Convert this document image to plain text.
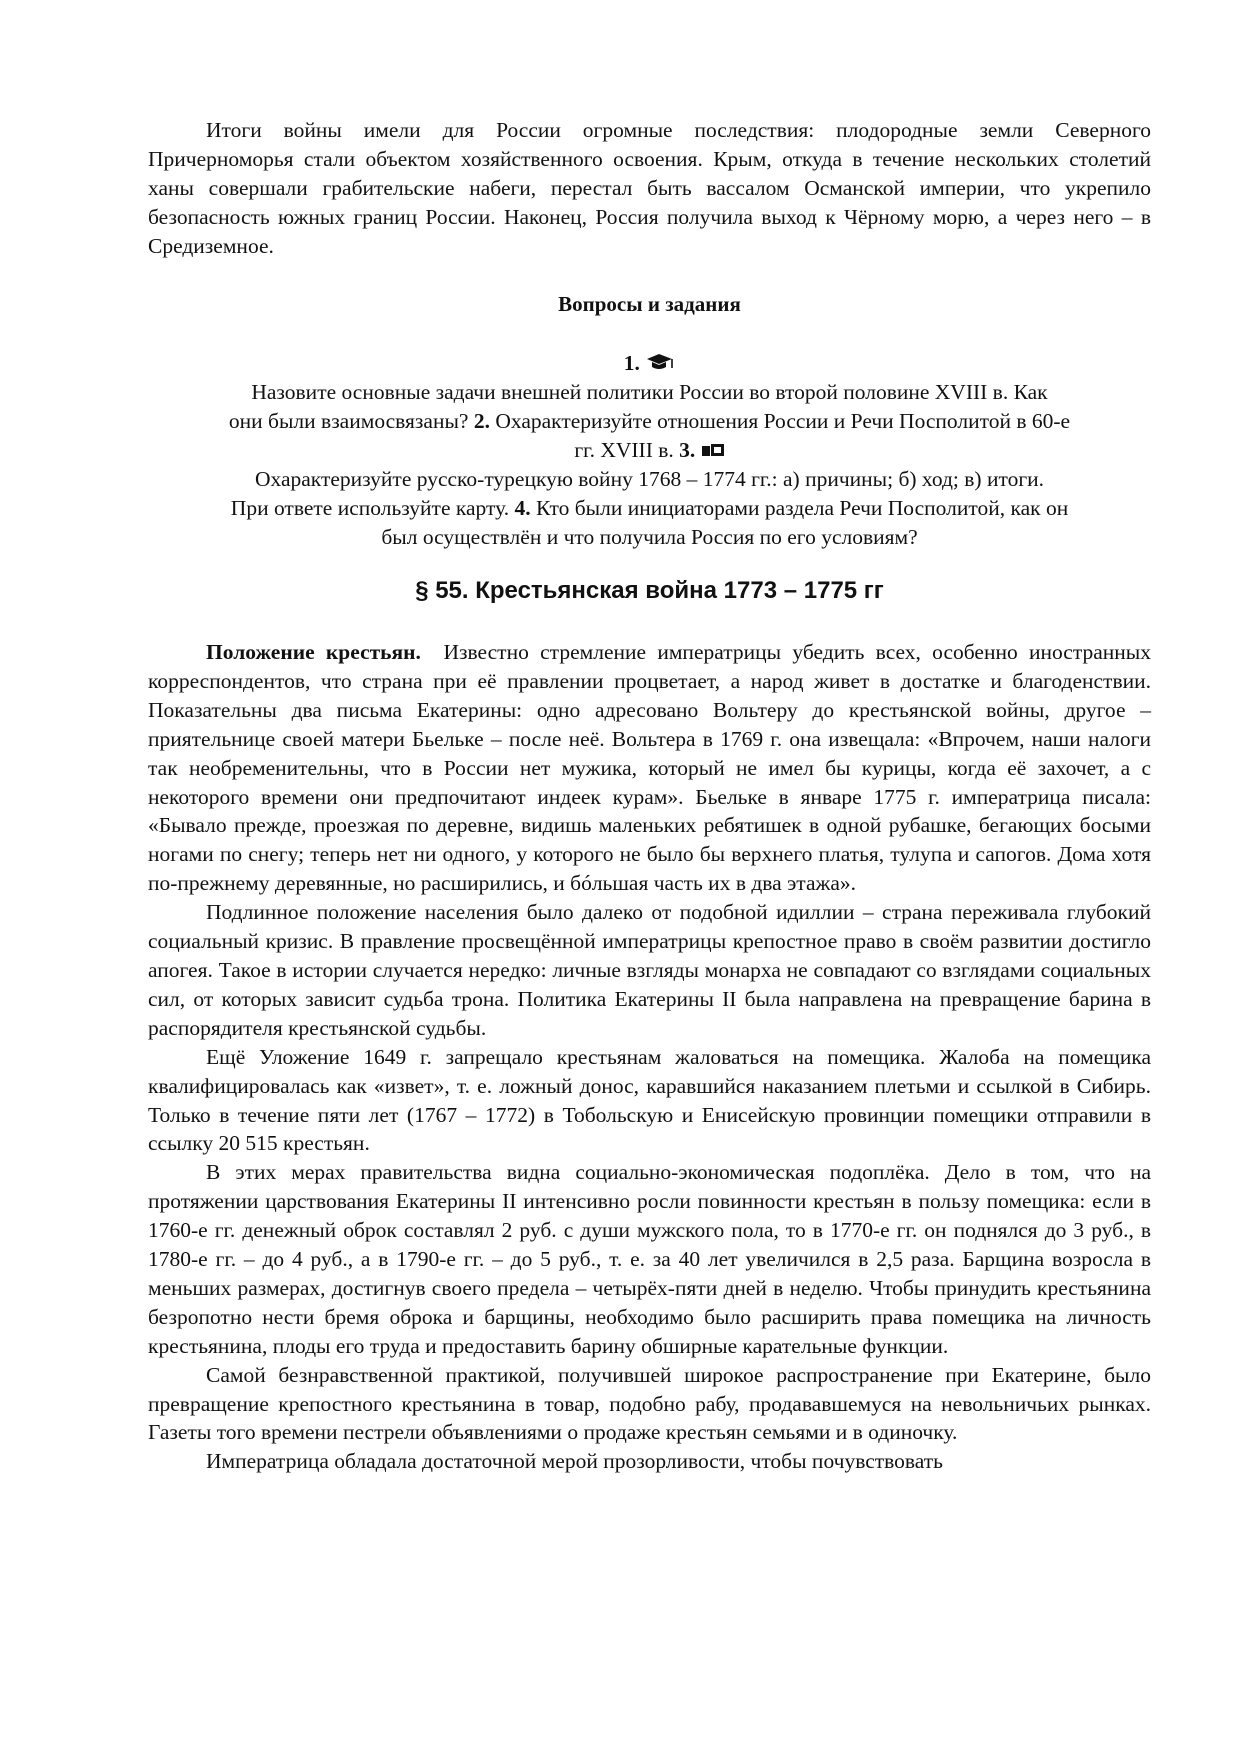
Итоги войны имели для России огромные последствия: плодородные земли Северного Причерноморья стали объектом хозяйственного освоения. Крым, откуда в течение нескольких столетий ханы совершали грабительские набеги, перестал быть вассалом Османской империи, что укрепило безопасность южных границ России. Наконец, Россия получила выход к Чёрному морю, а через него – в Средиземное.

Вопросы и задания
1.
Назовите основные задачи внешней политики России во второй половине XVIII в. Как
они были взаимосвязаны? 2. Охарактеризуйте отношения России и Речи Посполитой в 60-е
гг. XVIII в. 3.
Охарактеризуйте русско-турецкую войну 1768 – 1774 гг.: а) причины; б) ход; в) итоги.
При ответе используйте карту. 4. Кто были инициаторами раздела Речи Посполитой, как он
был осуществлён и что получила Россия по его условиям?
§ 55. Крестьянская война 1773 – 1775 гг

Положение крестьян. Известно стремление императрицы убедить всех, особенно иностранных корреспондентов, что страна при её правлении процветает, а народ живет в достатке и благоденствии. Показательны два письма Екатерины: одно адресовано Вольтеру до крестьянской войны, другое – приятельнице своей матери Бьельке – после неё. Вольтера в 1769 г. она извещала: «Впрочем, наши налоги так необременительны, что в России нет мужика, который не имел бы курицы, когда её захочет, а с некоторого времени они предпочитают индеек курам». Бьельке в январе 1775 г. императрица писала: «Бывало прежде, проезжая по деревне, видишь маленьких ребятишек в одной рубашке, бегающих босыми ногами по снегу; теперь нет ни одного, у которого не было бы верхнего платья, тулупа и сапогов. Дома хотя по-прежнему деревянные, но расширились, и бóльшая часть их в два этажа».

Подлинное положение населения было далеко от подобной идиллии – страна переживала глубокий социальный кризис. В правление просвещённой императрицы крепостное право в своём развитии достигло апогея. Такое в истории случается нередко: личные взгляды монарха не совпадают со взглядами социальных сил, от которых зависит судьба трона. Политика Екатерины II была направлена на превращение барина в распорядителя крестьянской судьбы.

Ещё Уложение 1649 г. запрещало крестьянам жаловаться на помещика. Жалоба на помещика квалифицировалась как «извет», т. е. ложный донос, каравшийся наказанием плетьми и ссылкой в Сибирь. Только в течение пяти лет (1767 – 1772) в Тобольскую и Енисейскую провинции помещики отправили в ссылку 20 515 крестьян.

В этих мерах правительства видна социально-экономическая подоплёка. Дело в том, что на протяжении царствования Екатерины II интенсивно росли повинности крестьян в пользу помещика: если в 1760-е гг. денежный оброк составлял 2 руб. с души мужского пола, то в 1770-е гг. он поднялся до 3 руб., в 1780-е гг. – до 4 руб., а в 1790-е гг. – до 5 руб., т. е. за 40 лет увеличился в 2,5 раза. Барщина возросла в меньших размерах, достигнув своего предела – четырёх-пяти дней в неделю. Чтобы принудить крестьянина безропотно нести бремя оброка и барщины, необходимо было расширить права помещика на личность крестьянина, плоды его труда и предоставить барину обширные карательные функции.

Самой безнравственной практикой, получившей широкое распространение при Екатерине, было превращение крепостного крестьянина в товар, подобно рабу, продававшемуся на невольничьих рынках. Газеты того времени пестрели объявлениями о продаже крестьян семьями и в одиночку.

Императрица обладала достаточной мерой прозорливости, чтобы почувствовать
